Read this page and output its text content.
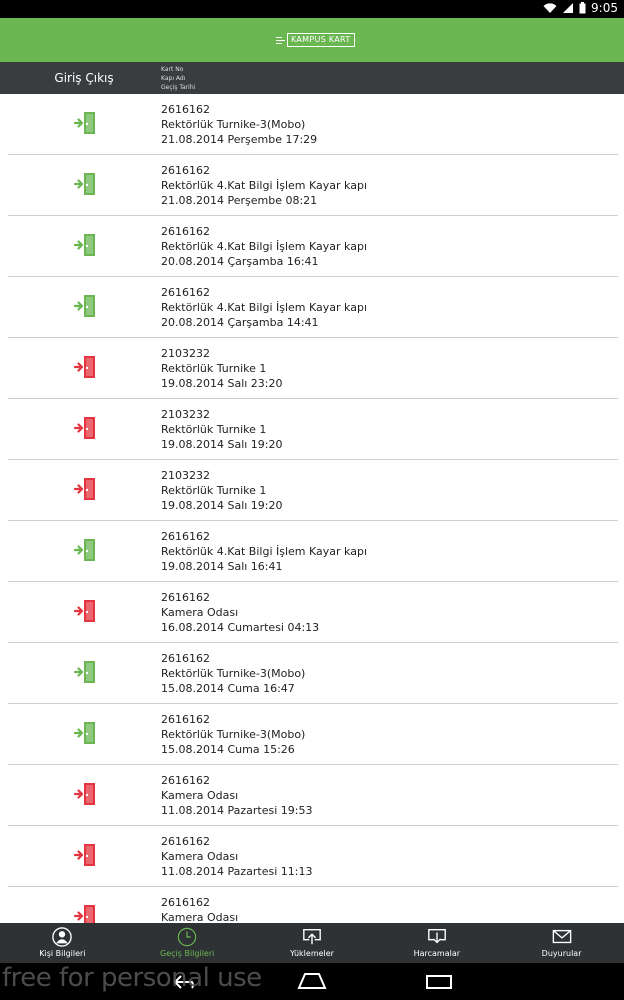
9:05
KAMPUS KART
Giriş Çıkış
Kart No
Kapı Adı
Geçiş Tarihi
2616162
Rektörlük Turnike-3(Mobo)
21.08.2014 Perşembe 17:29
2616162
Rektörlük 4.Kat Bilgi İşlem Kayar kapı
21.08.2014 Perşembe 08:21
2616162
Rektörlük 4.Kat Bilgi İşlem Kayar kapı
20.08.2014 Çarşamba 16:41
2616162
Rektörlük 4.Kat Bilgi İşlem Kayar kapı
20.08.2014 Çarşamba 14:41
2103232
Rektörlük Turnike 1
19.08.2014 Salı 23:20
2103232
Rektörlük Turnike 1
19.08.2014 Salı 19:20
2103232
Rektörlük Turnike 1
19.08.2014 Salı 19:20
2616162
Rektörlük 4.Kat Bilgi İşlem Kayar kapı
19.08.2014 Salı 16:41
2616162
Kamera Odası
16.08.2014 Cumartesi 04:13
2616162
Rektörlük Turnike-3(Mobo)
15.08.2014 Cuma 16:47
2616162
Rektörlük Turnike-3(Mobo)
15.08.2014 Cuma 15:26
2616162
Kamera Odası
11.08.2014 Pazartesi 19:53
2616162
Kamera Odası
11.08.2014 Pazartesi 11:13
2616162
Kamera Odası
Kişi Bilgileri	Geçiş Bilgileri	Yüklemeler	Harcamalar	Duyurular
free for personal use
